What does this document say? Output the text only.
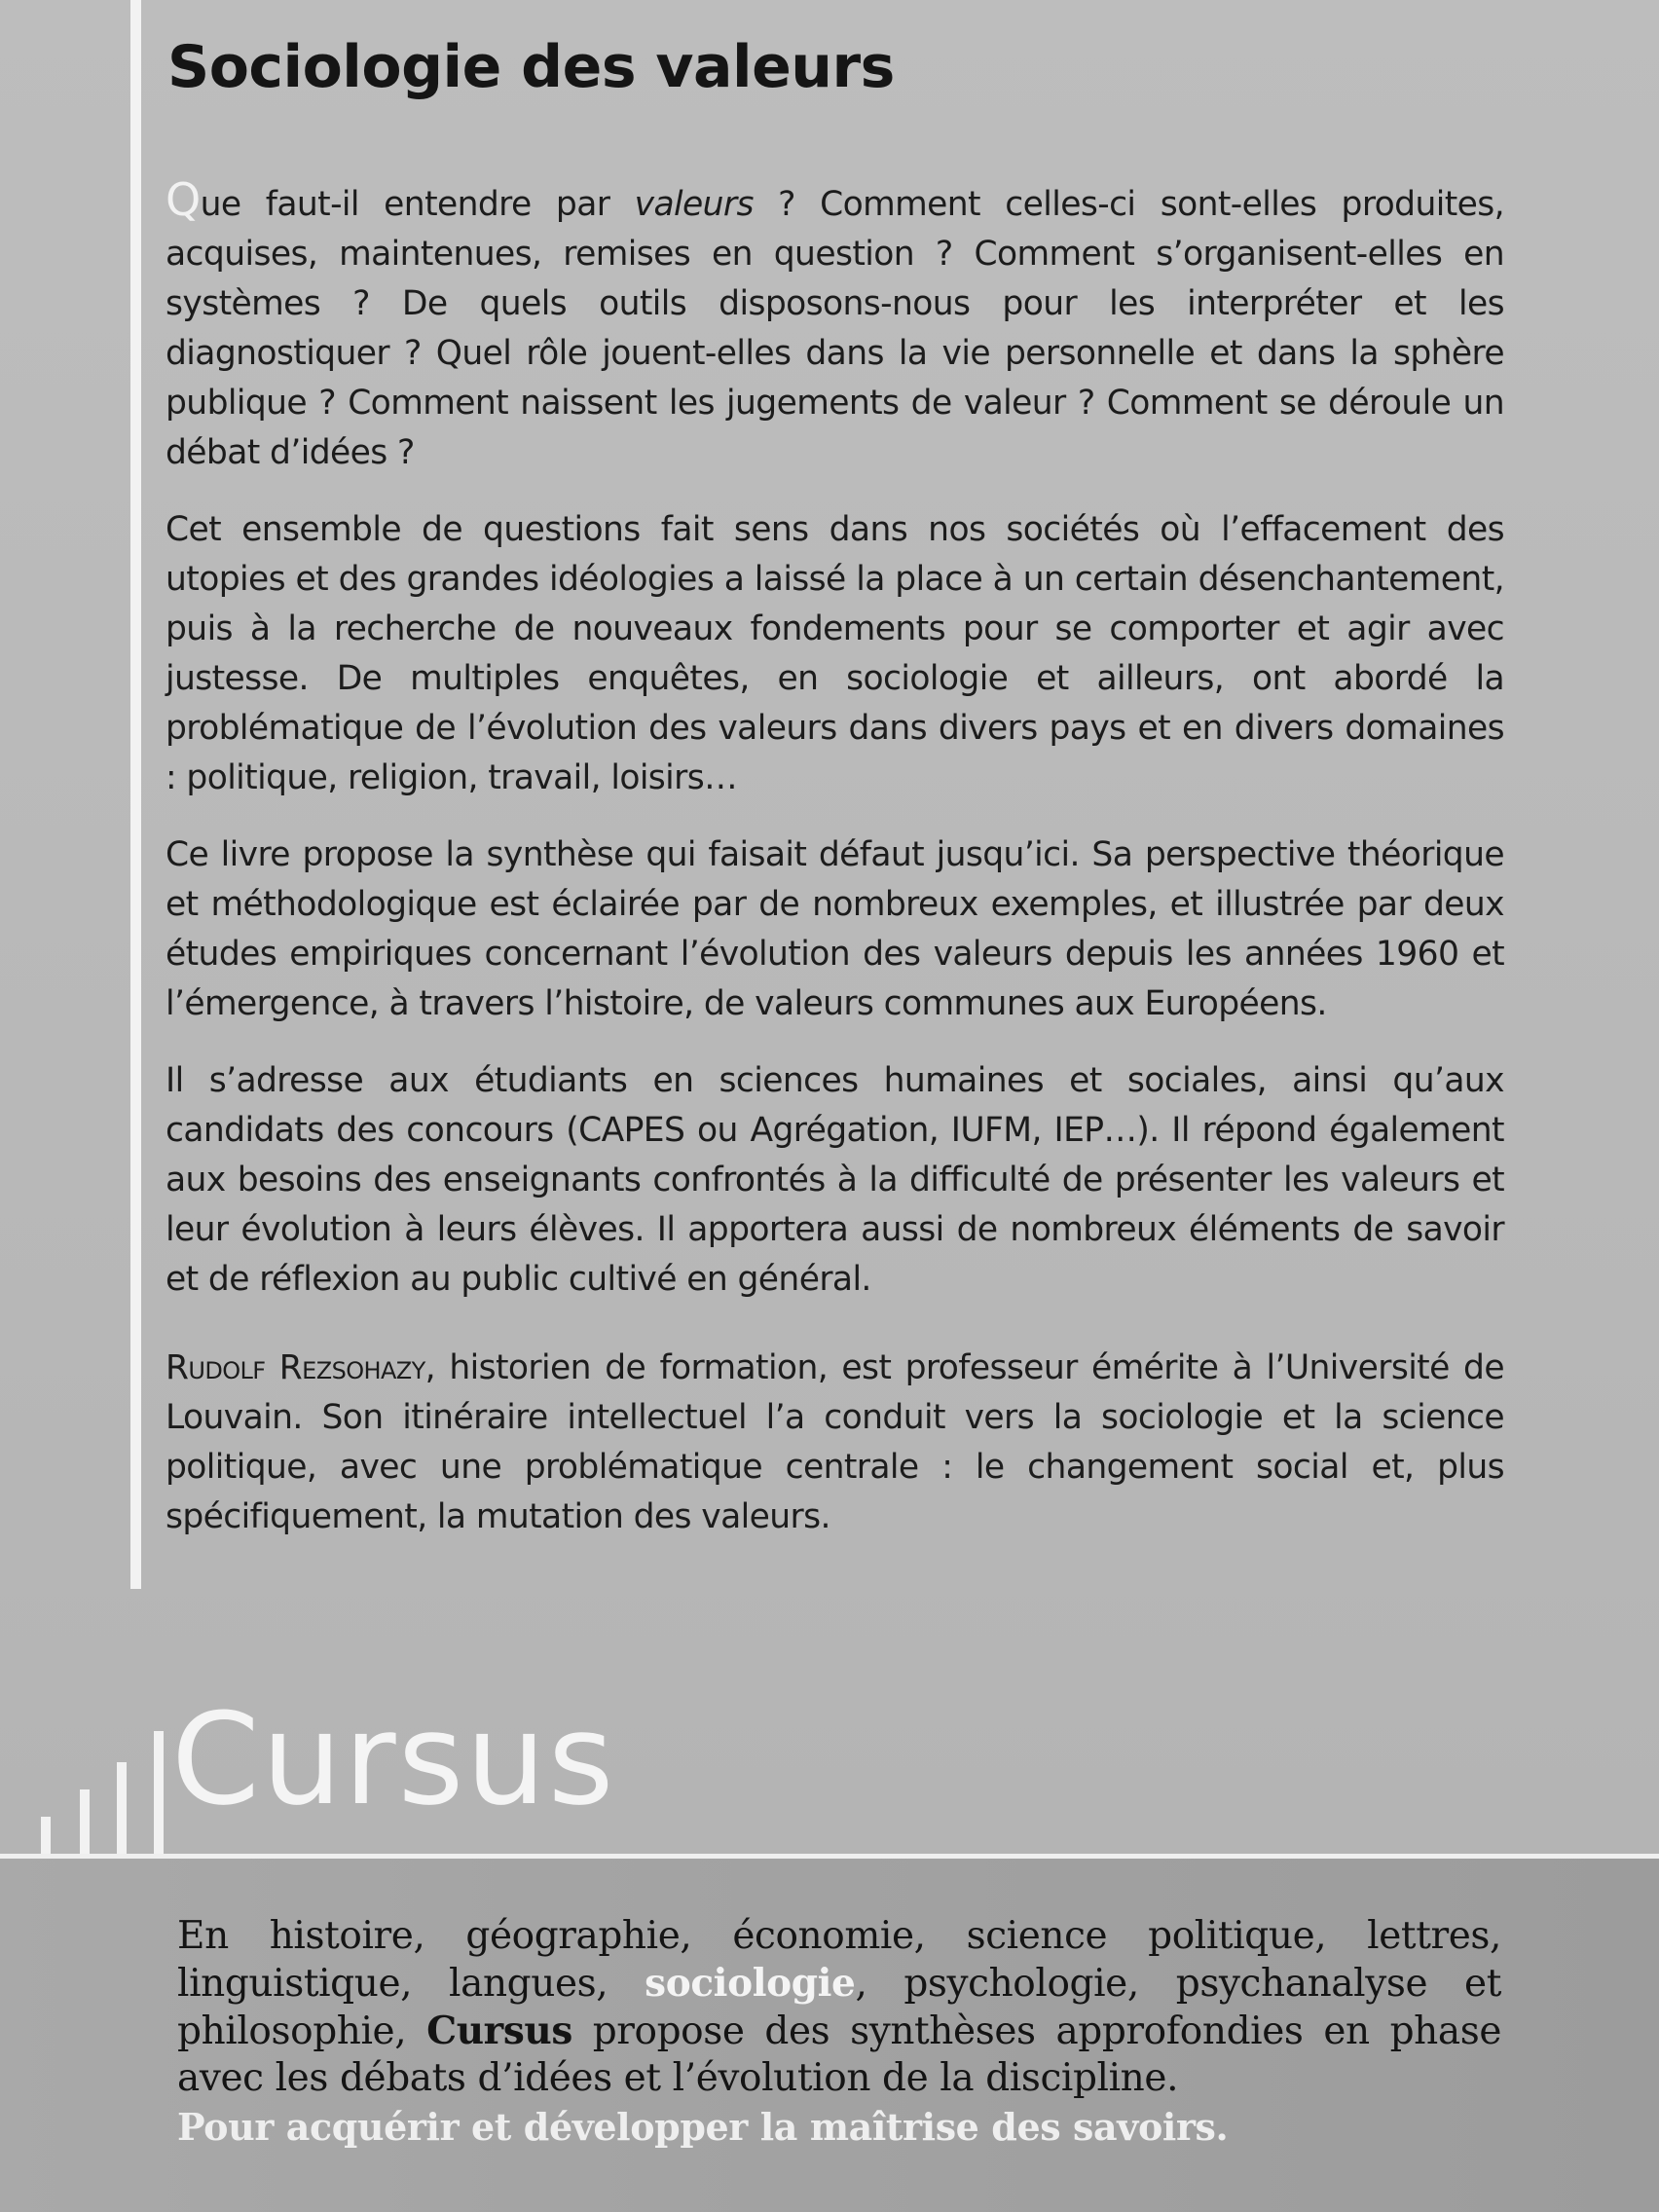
Sociologie des valeurs

Que faut-il entendre par valeurs ? Comment celles-ci sont-elles produites, acquises, maintenues, remises en question ? Comment s’organisent-elles en systèmes ? De quels outils disposons-nous pour les interpréter et les diagnostiquer ? Quel rôle jouent-elles dans la vie personnelle et dans la sphère publique ? Comment naissent les jugements de valeur ? Comment se déroule un débat d’idées ?

Cet ensemble de questions fait sens dans nos sociétés où l’effacement des utopies et des grandes idéologies a laissé la place à un certain désenchantement, puis à la recherche de nouveaux fondements pour se comporter et agir avec justesse. De multiples enquêtes, en sociologie et ailleurs, ont abordé la problématique de l’évolution des valeurs dans divers pays et en divers domaines : politique, religion, travail, loisirs…

Ce livre propose la synthèse qui faisait défaut jusqu’ici. Sa perspective théorique et méthodologique est éclairée par de nombreux exemples, et illustrée par deux études empiriques concernant l’évolution des valeurs depuis les années 1960 et l’émergence, à travers l’histoire, de valeurs communes aux Européens.

Il s’adresse aux étudiants en sciences humaines et sociales, ainsi qu’aux candidats des concours (CAPES ou Agrégation, IUFM, IEP…). Il répond également aux besoins des enseignants confrontés à la difficulté de présenter les valeurs et leur évolution à leurs élèves. Il apportera aussi de nombreux éléments de savoir et de réflexion au public cultivé en général.

Rudolf Rezsohazy, historien de formation, est professeur émérite à l’Université de Louvain. Son itinéraire intellectuel l’a conduit vers la sociologie et la science politique, avec une problématique centrale : le changement social et, plus spécifiquement, la mutation des valeurs.

Cursus

En histoire, géographie, économie, science politique, lettres, linguistique, langues, sociologie, psychologie, psychanalyse et philosophie, Cursus propose des synthèses approfondies en phase avec les débats d’idées et l’évolution de la discipline.

Pour acquérir et développer la maîtrise des savoirs.
